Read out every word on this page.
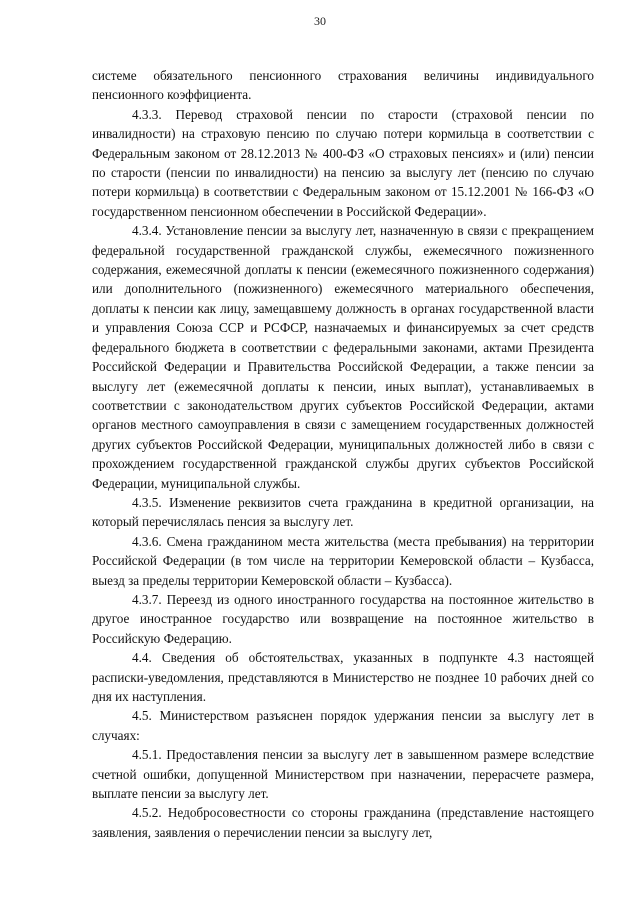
30

системе обязательного пенсионного страхования величины индивидуального пенсионного коэффициента.

4.3.3. Перевод страховой пенсии по старости (страховой пенсии по инвалидности) на страховую пенсию по случаю потери кормильца в соответствии с Федеральным законом от 28.12.2013 № 400-ФЗ «О страховых пенсиях» и (или) пенсии по старости (пенсии по инвалидности) на пенсию за выслугу лет (пенсию по случаю потери кормильца) в соответствии с Федеральным законом от 15.12.2001 № 166-ФЗ «О государственном пенсионном обеспечении в Российской Федерации».

4.3.4. Установление пенсии за выслугу лет, назначенную в связи с прекращением федеральной государственной гражданской службы, ежемесячного пожизненного содержания, ежемесячной доплаты к пенсии (ежемесячного пожизненного содержания) или дополнительного (пожизненного) ежемесячного материального обеспечения, доплаты к пенсии как лицу, замещавшему должность в органах государственной власти и управления Союза ССР и РСФСР, назначаемых и финансируемых за счет средств федерального бюджета в соответствии с федеральными законами, актами Президента Российской Федерации и Правительства Российской Федерации, а также пенсии за выслугу лет (ежемесячной доплаты к пенсии, иных выплат), устанавливаемых в соответствии с законодательством других субъектов Российской Федерации, актами органов местного самоуправления в связи с замещением государственных должностей других субъектов Российской Федерации, муниципальных должностей либо в связи с прохождением государственной гражданской службы других субъектов Российской Федерации, муниципальной службы.

4.3.5. Изменение реквизитов счета гражданина в кредитной организации, на который перечислялась пенсия за выслугу лет.

4.3.6. Смена гражданином места жительства (места пребывания) на территории Российской Федерации (в том числе на территории Кемеровской области – Кузбасса, выезд за пределы территории Кемеровской области – Кузбасса).

4.3.7. Переезд из одного иностранного государства на постоянное жительство в другое иностранное государство или возвращение на постоянное жительство в Российскую Федерацию.

4.4. Сведения об обстоятельствах, указанных в подпункте 4.3 настоящей расписки-уведомления, представляются в Министерство не позднее 10 рабочих дней со дня их наступления.

4.5. Министерством разъяснен порядок удержания пенсии за выслугу лет в случаях:

4.5.1. Предоставления пенсии за выслугу лет в завышенном размере вследствие счетной ошибки, допущенной Министерством при назначении, перерасчете размера, выплате пенсии за выслугу лет.

4.5.2. Недобросовестности со стороны гражданина (представление настоящего заявления, заявления о перечислении пенсии за выслугу лет,
